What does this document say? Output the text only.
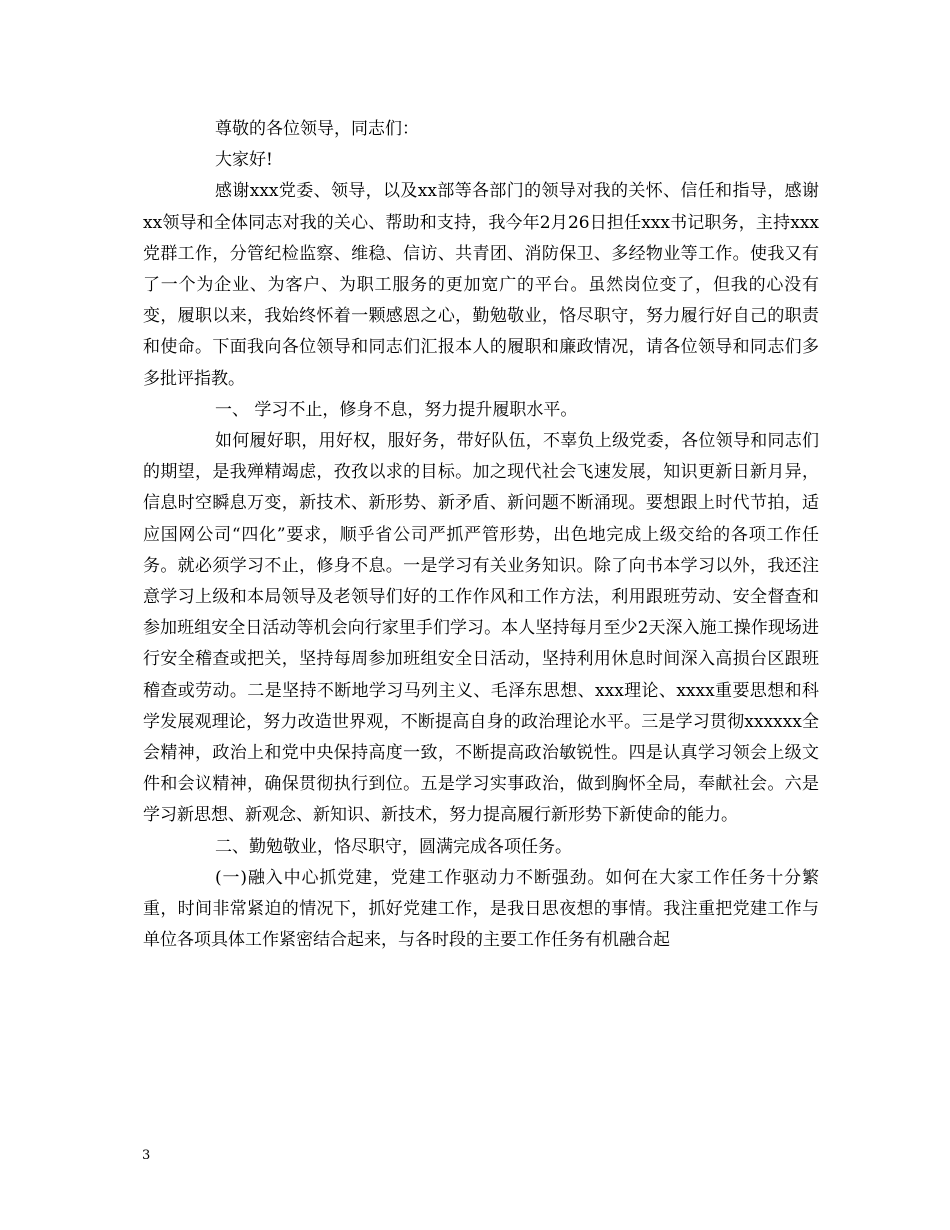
尊敬的各位领导，同志们：

大家好!

感谢xxx党委、领导，以及xx部等各部门的领导对我的关怀、信任和指导，感谢xx领导和全体同志对我的关心、帮助和支持，我今年2月26日担任xxx书记职务，主持xxx党群工作，分管纪检监察、维稳、信访、共青团、消防保卫、多经物业等工作。使我又有了一个为企业、为客户、为职工服务的更加宽广的平台。虽然岗位变了，但我的心没有变，履职以来，我始终怀着一颗感恩之心，勤勉敬业，恪尽职守，努力履行好自己的职责和使命。下面我向各位领导和同志们汇报本人的履职和廉政情况，请各位领导和同志们多多批评指教。

一、 学习不止，修身不息，努力提升履职水平。

如何履好职，用好权，服好务，带好队伍，不辜负上级党委，各位领导和同志们的期望，是我殚精竭虑，孜孜以求的目标。加之现代社会飞速发展，知识更新日新月异，信息时空瞬息万变，新技术、新形势、新矛盾、新问题不断涌现。要想跟上时代节拍，适应国网公司“四化”要求，顺乎省公司严抓严管形势，出色地完成上级交给的各项工作任务。就必须学习不止，修身不息。一是学习有关业务知识。除了向书本学习以外，我还注意学习上级和本局领导及老领导们好的工作作风和工作方法，利用跟班劳动、安全督查和参加班组安全日活动等机会向行家里手们学习。本人坚持每月至少2天深入施工操作现场进行安全稽查或把关，坚持每周参加班组安全日活动，坚持利用休息时间深入高损台区跟班稽查或劳动。二是坚持不断地学习马列主义、毛泽东思想、xxx理论、xxxx重要思想和科学发展观理论，努力改造世界观，不断提高自身的政治理论水平。三是学习贯彻xxxxxx全会精神，政治上和党中央保持高度一致，不断提高政治敏锐性。四是认真学习领会上级文件和会议精神，确保贯彻执行到位。五是学习实事政治，做到胸怀全局，奉献社会。六是学习新思想、新观念、新知识、新技术，努力提高履行新形势下新使命的能力。

二、勤勉敬业，恪尽职守，圆满完成各项任务。

(一)融入中心抓党建，党建工作驱动力不断强劲。如何在大家工作任务十分繁重，时间非常紧迫的情况下，抓好党建工作，是我日思夜想的事情。我注重把党建工作与单位各项具体工作紧密结合起来，与各时段的主要工作任务有机融合起

3
